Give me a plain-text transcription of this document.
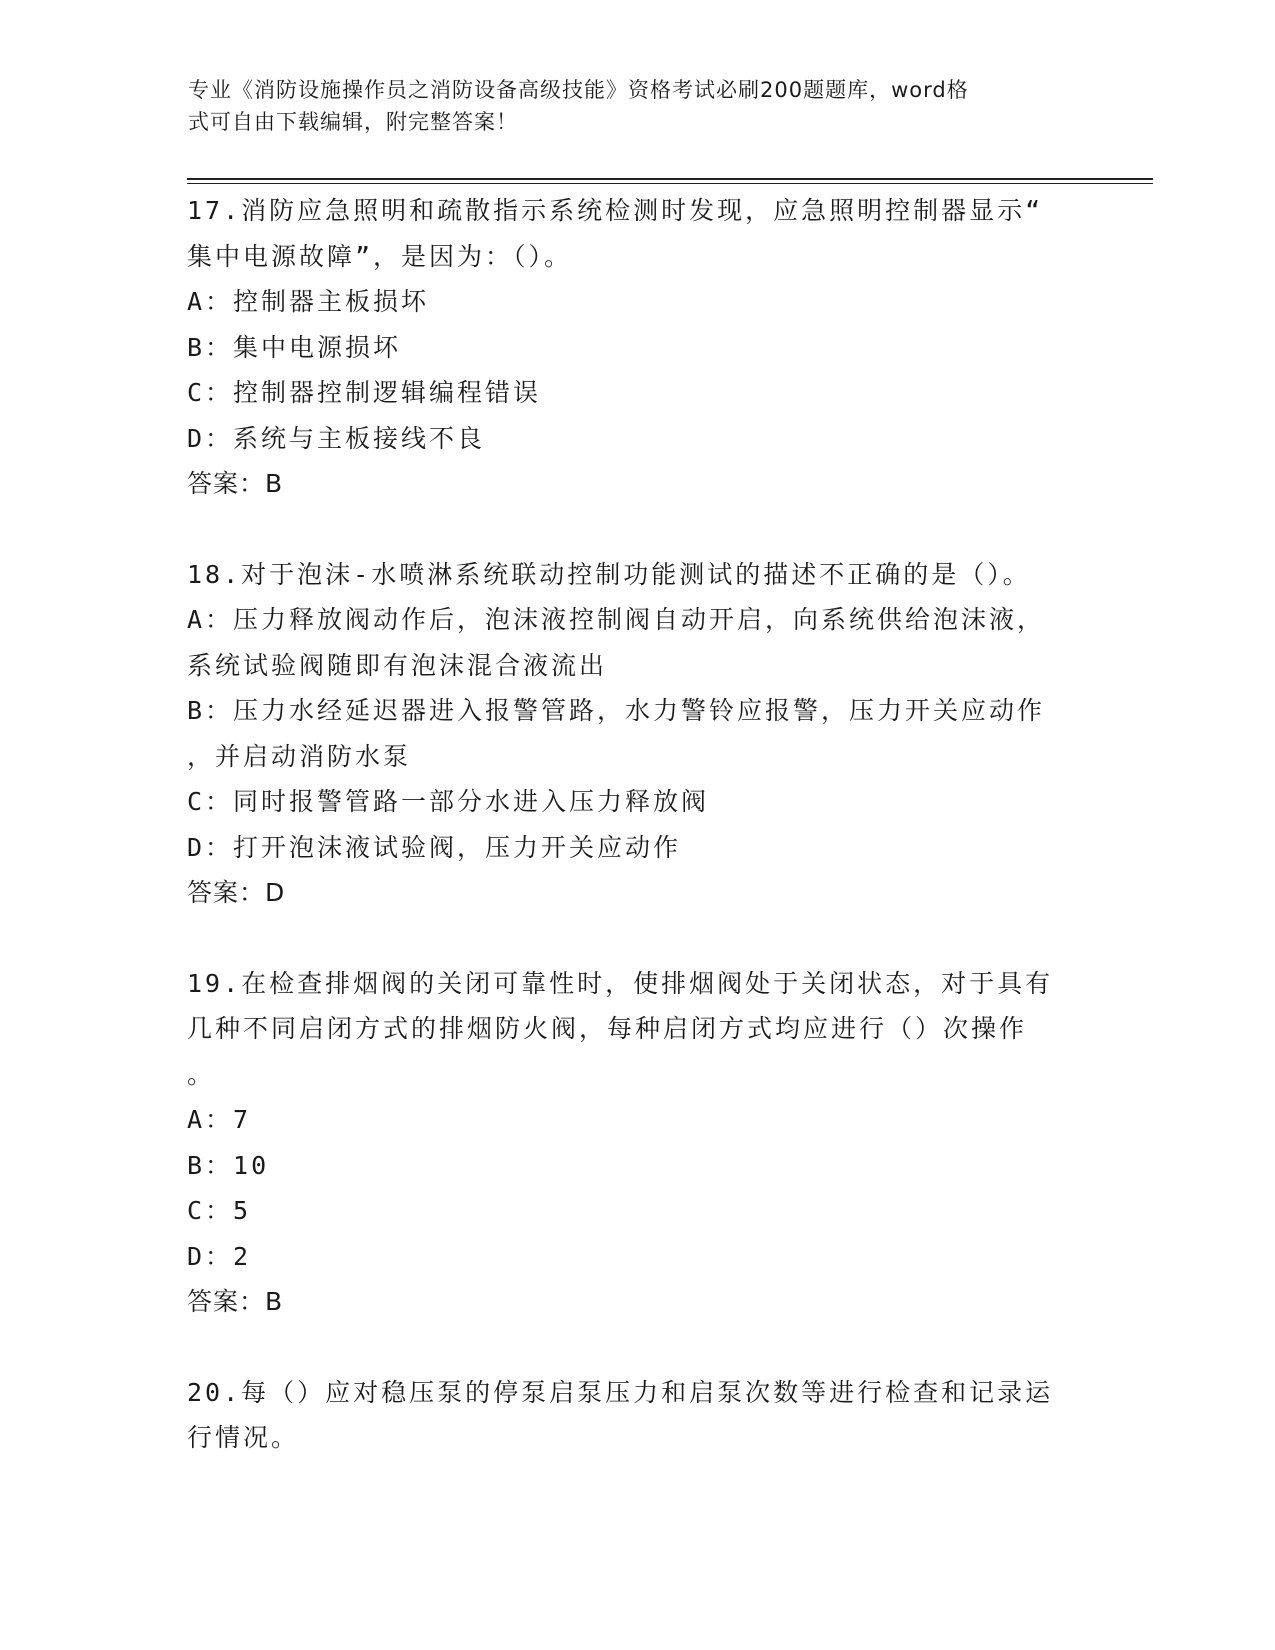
专业《消防设施操作员之消防设备高级技能》资格考试必刷200题题库，word格
式可自由下载编辑，附完整答案！

17.消防应急照明和疏散指示系统检测时发现，应急照明控制器显示“

集中电源故障”，是因为：（）。

A：控制器主板损坏

B：集中电源损坏

C：控制器控制逻辑编程错误

D：系统与主板接线不良

答案：B

18.对于泡沫-水喷淋系统联动控制功能测试的描述不正确的是（）。

A：压力释放阀动作后，泡沫液控制阀自动开启，向系统供给泡沫液，

系统试验阀随即有泡沫混合液流出

B：压力水经延迟器进入报警管路，水力警铃应报警，压力开关应动作

，并启动消防水泵

C：同时报警管路一部分水进入压力释放阀

D：打开泡沫液试验阀，压力开关应动作

答案：D

19.在检查排烟阀的关闭可靠性时，使排烟阀处于关闭状态，对于具有

几种不同启闭方式的排烟防火阀，每种启闭方式均应进行（）次操作

。

A：7

B：10

C：5

D：2

答案：B

20.每（）应对稳压泵的停泵启泵压力和启泵次数等进行检查和记录运

行情况。
